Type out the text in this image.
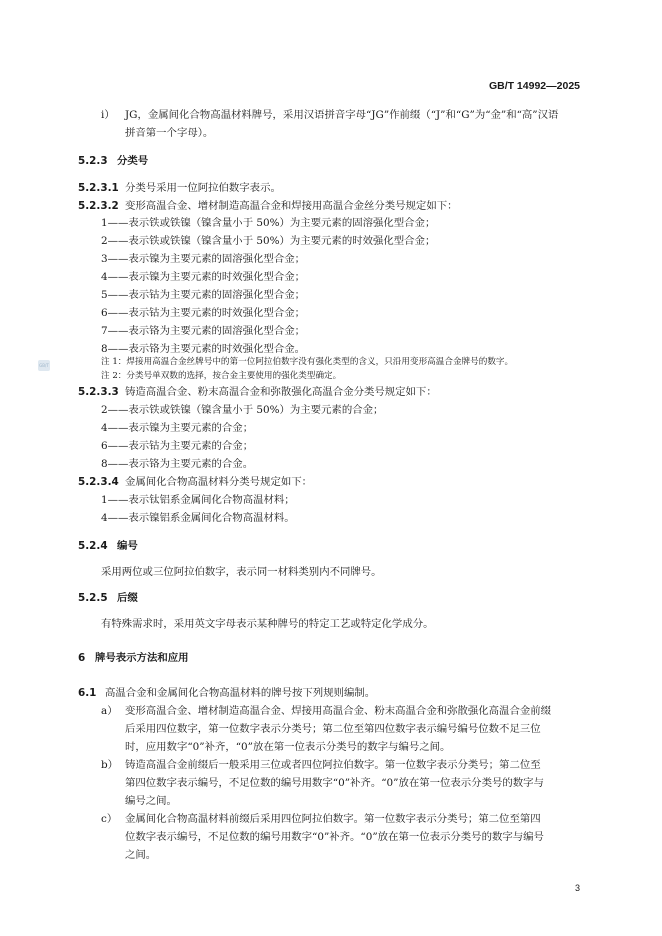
GB/T 14992—2025
i） JG，金属间化合物高温材料牌号，采用汉语拼音字母“JG”作前缀（“J”和“G”为“金”和“高”汉语
拼音第一个字母）。
5.2.3 分类号
5.2.3.1 分类号采用一位阿拉伯数字表示。
5.2.3.2 变形高温合金、增材制造高温合金和焊接用高温合金丝分类号规定如下：
1——表示铁或铁镍（镍含量小于 50%）为主要元素的固溶强化型合金；
2——表示铁或铁镍（镍含量小于 50%）为主要元素的时效强化型合金；
3——表示镍为主要元素的固溶强化型合金；
4——表示镍为主要元素的时效强化型合金；
5——表示钴为主要元素的固溶强化型合金；
6——表示钴为主要元素的时效强化型合金；
7——表示铬为主要元素的固溶强化型合金；
8——表示铬为主要元素的时效强化型合金。
注 1：焊接用高温合金丝牌号中的第一位阿拉伯数字没有强化类型的含义，只沿用变形高温合金牌号的数字。
GB/T
注 2：分类号单双数的选择，按合金主要使用的强化类型确定。
5.2.3.3 铸造高温合金、粉末高温合金和弥散强化高温合金分类号规定如下：
2——表示铁或铁镍（镍含量小于 50%）为主要元素的合金；
4——表示镍为主要元素的合金；
6——表示钴为主要元素的合金；
8——表示铬为主要元素的合金。
5.2.3.4 金属间化合物高温材料分类号规定如下：
1——表示钛铝系金属间化合物高温材料；
4——表示镍铝系金属间化合物高温材料。
5.2.4 编号
采用两位或三位阿拉伯数字，表示同一材料类别内不同牌号。
5.2.5 后缀
有特殊需求时，采用英文字母表示某种牌号的特定工艺或特定化学成分。
6 牌号表示方法和应用
6.1 高温合金和金属间化合物高温材料的牌号按下列规则编制。
a） 变形高温合金、增材制造高温合金、焊接用高温合金、粉末高温合金和弥散强化高温合金前缀
后采用四位数字，第一位数字表示分类号；第二位至第四位数字表示编号编号位数不足三位
时，应用数字“0”补齐，“0”放在第一位表示分类号的数字与编号之间。
b） 铸造高温合金前缀后一般采用三位或者四位阿拉伯数字。第一位数字表示分类号；第二位至
第四位数字表示编号，不足位数的编号用数字“0”补齐。“0”放在第一位表示分类号的数字与
编号之间。
c） 金属间化合物高温材料前缀后采用四位阿拉伯数字。第一位数字表示分类号；第二位至第四
位数字表示编号，不足位数的编号用数字“0”补齐。“0”放在第一位表示分类号的数字与编号
之间。
3
